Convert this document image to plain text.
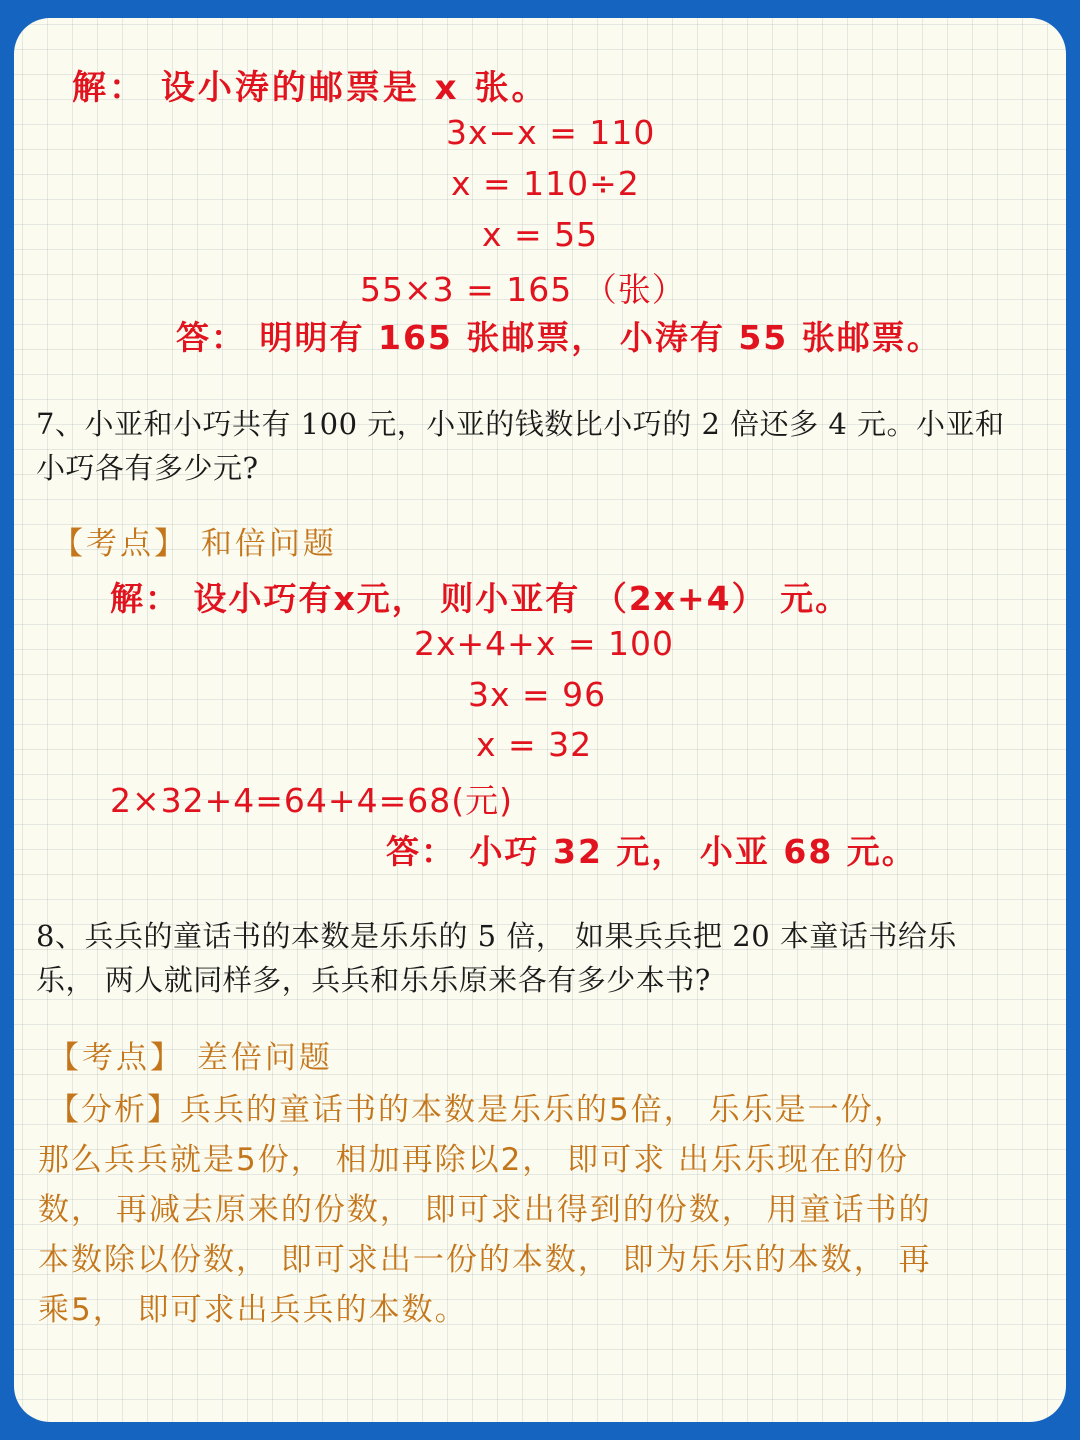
解： 设小涛的邮票是 x 张。
3x−x = 110
x = 110÷2
x = 55
55×3 = 165 （张）
答： 明明有 165 张邮票， 小涛有 55 张邮票。
7、小亚和小巧共有 100 元，小亚的钱数比小巧的 2 倍还多 4 元。小亚和
小巧各有多少元?
【考点】 和倍问题
解： 设小巧有x元， 则小亚有 （2x+4） 元。
2x+4+x = 100
3x = 96
x = 32
2×32+4=64+4=68(元)
答： 小巧 32 元， 小亚 68 元。
8、兵兵的童话书的本数是乐乐的 5 倍， 如果兵兵把 20 本童话书给乐
乐， 两人就同样多，兵兵和乐乐原来各有多少本书?
【考点】 差倍问题
【分析】兵兵的童话书的本数是乐乐的5倍， 乐乐是一份，
那么兵兵就是5份， 相加再除以2， 即可求 出乐乐现在的份
数， 再减去原来的份数， 即可求出得到的份数， 用童话书的
本数除以份数， 即可求出一份的本数， 即为乐乐的本数， 再
乘5， 即可求出兵兵的本数。
